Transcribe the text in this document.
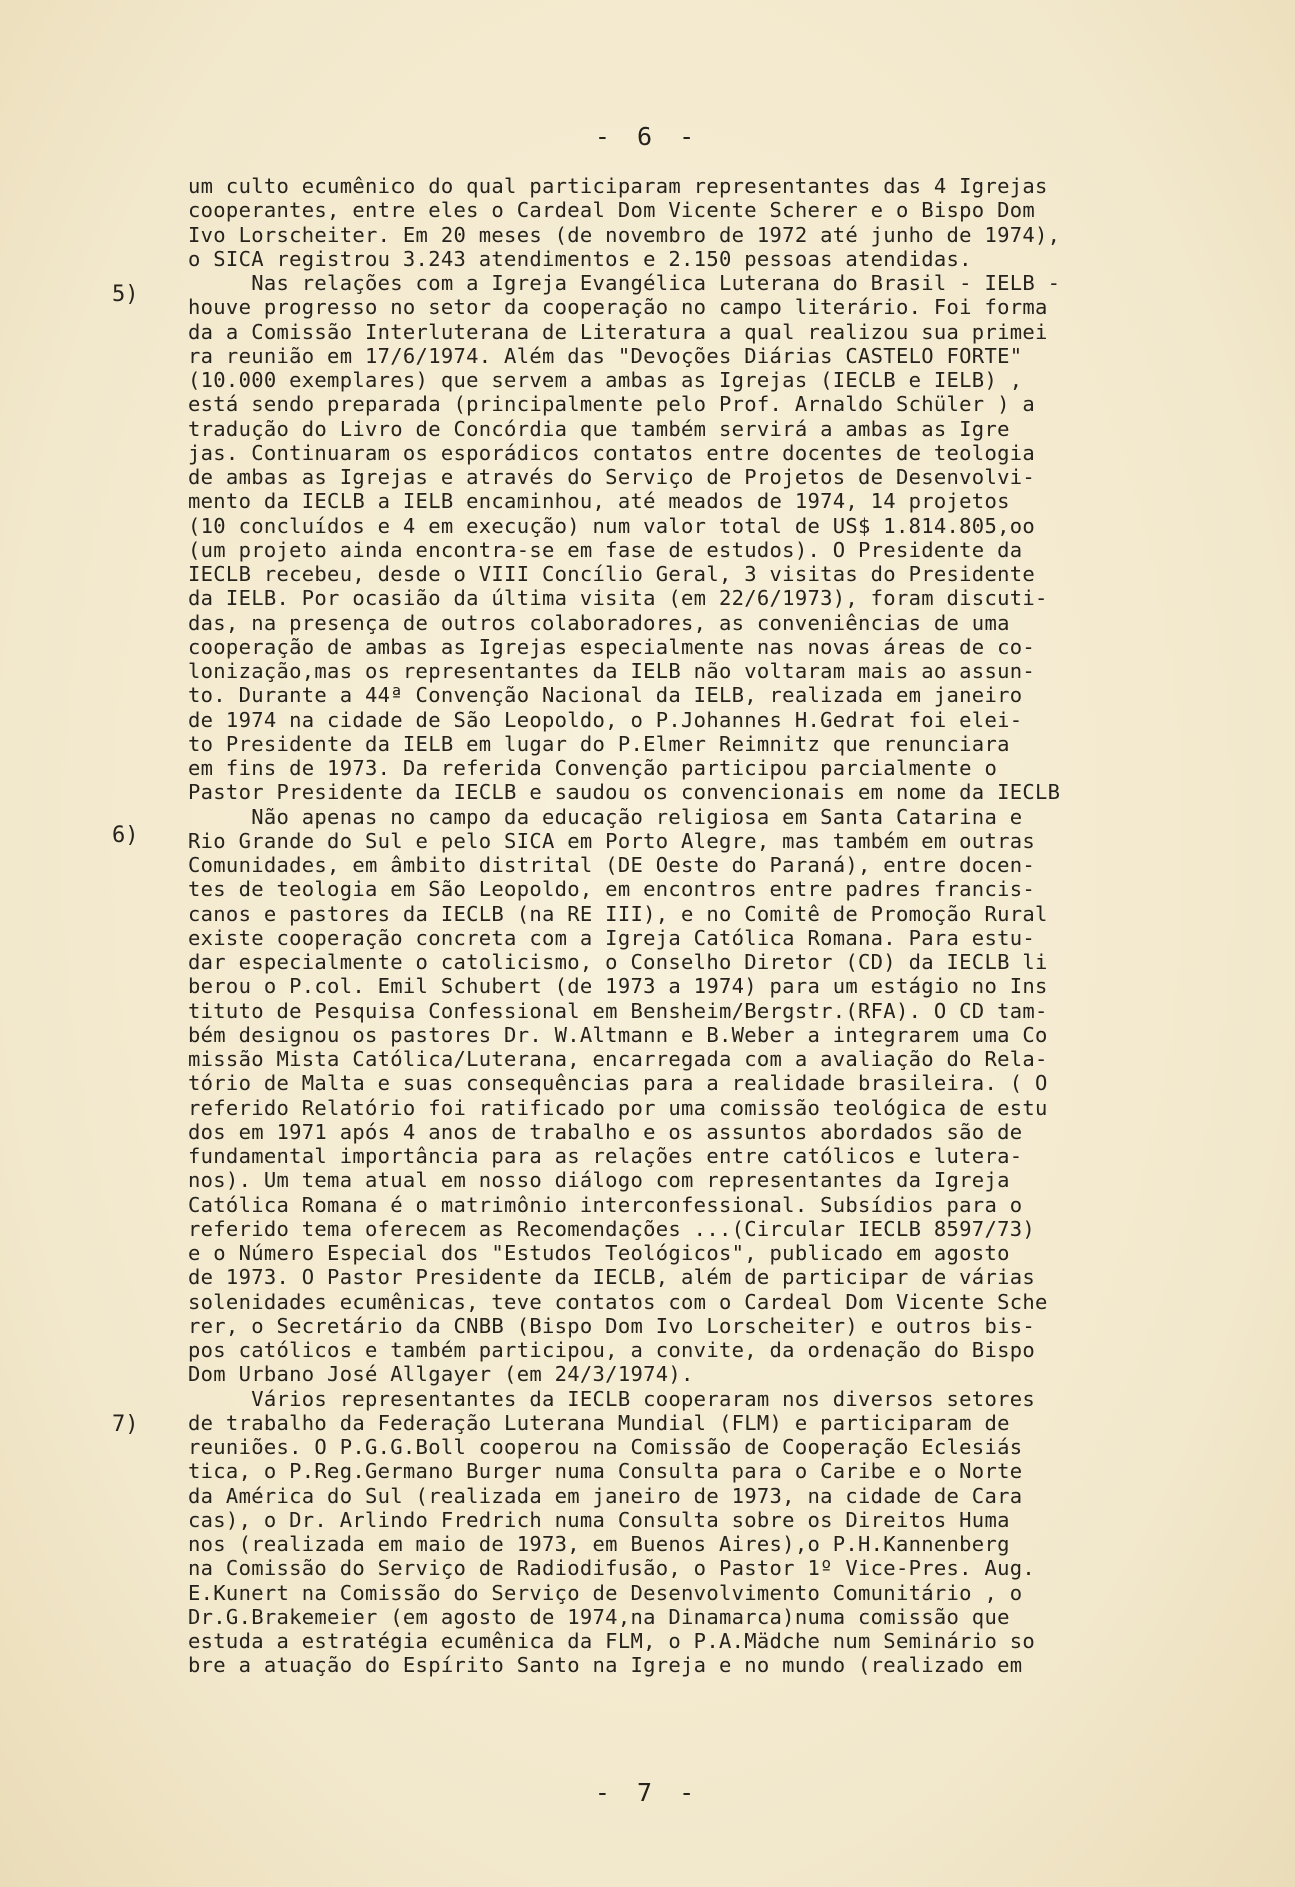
- 6 -
5)
6)
7)
um culto ecumênico do qual participaram representantes das 4 Igrejas
cooperantes, entre eles o Cardeal Dom Vicente Scherer e o Bispo Dom
Ivo Lorscheiter. Em 20 meses (de novembro de 1972 até junho de 1974),
o SICA registrou 3.243 atendimentos e 2.150 pessoas atendidas.
Nas relações com a Igreja Evangélica Luterana do Brasil - IELB -
houve progresso no setor da cooperação no campo literário. Foi forma
da a Comissão Interluterana de Literatura a qual realizou sua primei
ra reunião em 17/6/1974. Além das "Devoções Diárias CASTELO FORTE"
(10.000 exemplares) que servem a ambas as Igrejas (IECLB e IELB) ,
está sendo preparada (principalmente pelo Prof. Arnaldo Schüler ) a
tradução do Livro de Concórdia que também servirá a ambas as Igre
jas. Continuaram os esporádicos contatos entre docentes de teologia
de ambas as Igrejas e através do Serviço de Projetos de Desenvolvi-
mento da IECLB a IELB encaminhou, até meados de 1974, 14 projetos
(10 concluídos e 4 em execução) num valor total de US$ 1.814.805,oo
(um projeto ainda encontra-se em fase de estudos). O Presidente da
IECLB recebeu, desde o VIII Concílio Geral, 3 visitas do Presidente
da IELB. Por ocasião da última visita (em 22/6/1973), foram discuti-
das, na presença de outros colaboradores, as conveniências de uma
cooperação de ambas as Igrejas especialmente nas novas áreas de co-
lonização,mas os representantes da IELB não voltaram mais ao assun-
to. Durante a 44ª Convenção Nacional da IELB, realizada em janeiro
de 1974 na cidade de São Leopoldo, o P.Johannes H.Gedrat foi elei-
to Presidente da IELB em lugar do P.Elmer Reimnitz que renunciara
em fins de 1973. Da referida Convenção participou parcialmente o
Pastor Presidente da IECLB e saudou os convencionais em nome da IECLB
Não apenas no campo da educação religiosa em Santa Catarina e
Rio Grande do Sul e pelo SICA em Porto Alegre, mas também em outras
Comunidades, em âmbito distrital (DE Oeste do Paraná), entre docen-
tes de teologia em São Leopoldo, em encontros entre padres francis-
canos e pastores da IECLB (na RE III), e no Comitê de Promoção Rural
existe cooperação concreta com a Igreja Católica Romana. Para estu-
dar especialmente o catolicismo, o Conselho Diretor (CD) da IECLB li
berou o P.col. Emil Schubert (de 1973 a 1974) para um estágio no Ins
tituto de Pesquisa Confessional em Bensheim/Bergstr.(RFA). O CD tam-
bém designou os pastores Dr. W.Altmann e B.Weber a integrarem uma Co
missão Mista Católica/Luterana, encarregada com a avaliação do Rela-
tório de Malta e suas consequências para a realidade brasileira. ( O
referido Relatório foi ratificado por uma comissão teológica de estu
dos em 1971 após 4 anos de trabalho e os assuntos abordados são de
fundamental importância para as relações entre católicos e lutera-
nos). Um tema atual em nosso diálogo com representantes da Igreja
Católica Romana é o matrimônio interconfessional. Subsídios para o
referido tema oferecem as Recomendações ...(Circular IECLB 8597/73)
e o Número Especial dos "Estudos Teológicos", publicado em agosto
de 1973. O Pastor Presidente da IECLB, além de participar de várias
solenidades ecumênicas, teve contatos com o Cardeal Dom Vicente Sche
rer, o Secretário da CNBB (Bispo Dom Ivo Lorscheiter) e outros bis-
pos católicos e também participou, a convite, da ordenação do Bispo
Dom Urbano José Allgayer (em 24/3/1974).
Vários representantes da IECLB cooperaram nos diversos setores
de trabalho da Federação Luterana Mundial (FLM) e participaram de
reuniões. O P.G.G.Boll cooperou na Comissão de Cooperação Eclesiás
tica, o P.Reg.Germano Burger numa Consulta para o Caribe e o Norte
da América do Sul (realizada em janeiro de 1973, na cidade de Cara
cas), o Dr. Arlindo Fredrich numa Consulta sobre os Direitos Huma
nos (realizada em maio de 1973, em Buenos Aires),o P.H.Kannenberg
na Comissão do Serviço de Radiodifusão, o Pastor 1º Vice-Pres. Aug.
E.Kunert na Comissão do Serviço de Desenvolvimento Comunitário , o
Dr.G.Brakemeier (em agosto de 1974,na Dinamarca)numa comissão que
estuda a estratégia ecumênica da FLM, o P.A.Mädche num Seminário so
bre a atuação do Espírito Santo na Igreja e no mundo (realizado em
- 7 -
